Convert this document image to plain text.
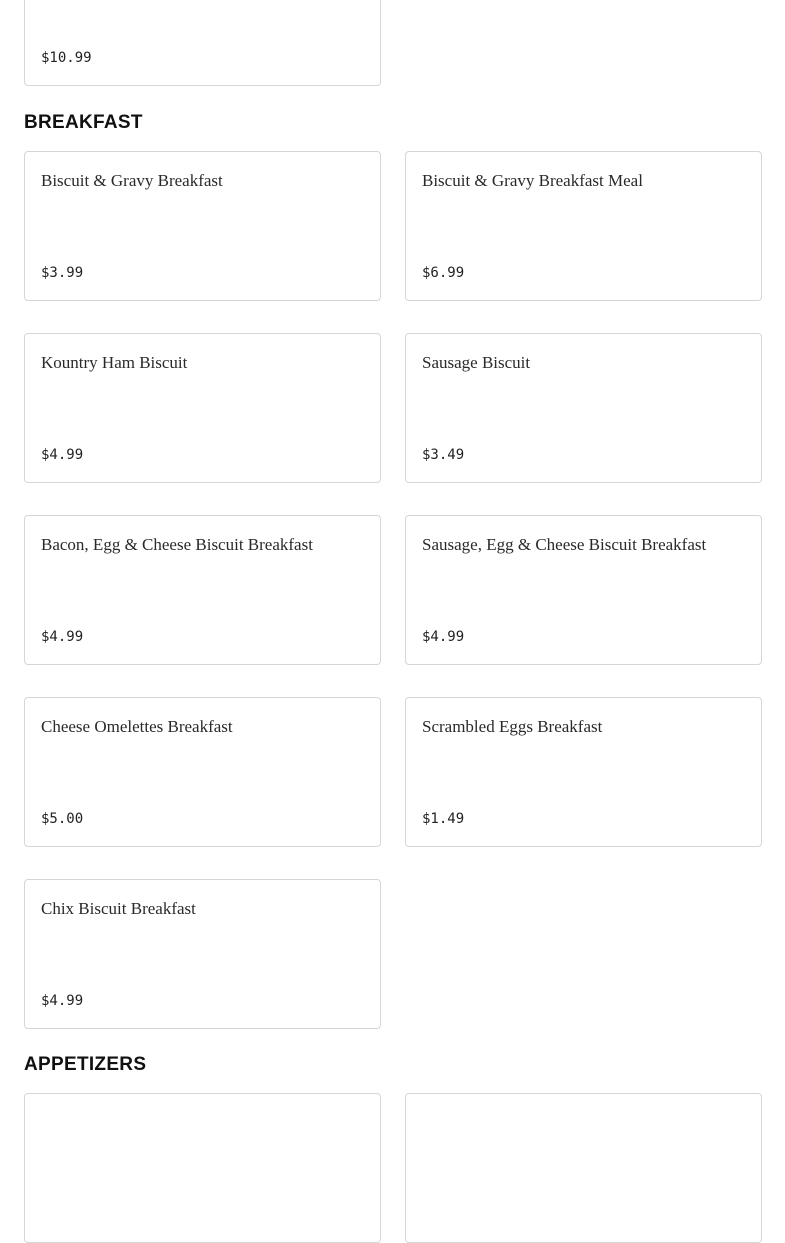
$10.99
BREAKFAST
Biscuit & Gravy Breakfast
$3.99
Biscuit & Gravy Breakfast Meal
$6.99
Kountry Ham Biscuit
$4.99
Sausage Biscuit
$3.49
Bacon, Egg & Cheese Biscuit Breakfast
$4.99
Sausage, Egg & Cheese Biscuit Breakfast
$4.99
Cheese Omelettes Breakfast
$5.00
Scrambled Eggs Breakfast
$1.49
Chix Biscuit Breakfast
$4.99
APPETIZERS
